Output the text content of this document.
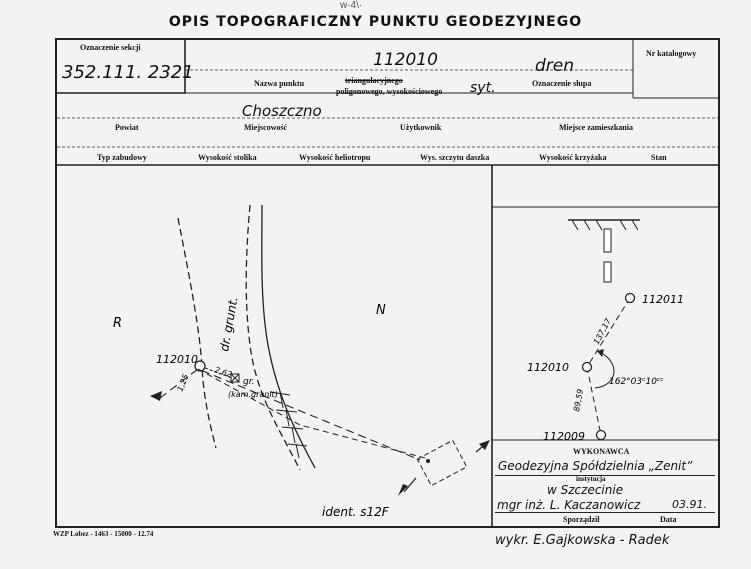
w·4\·
OPIS TOPOGRAFICZNY PUNKTU GEODEZYJNEGO
Oznaczenie sekcji
352.111. 2321
112010	dren
Nazwa punktu	triangulacyjnego
poligonowego, wysokościowego syt.	Oznaczenie słupa
Nr katalogowy
Choszczno
Powiat	Miejscowość	Użytkownik	Miejsce zamieszkania
Typ zabudowy	Wysokość stolika	Wysokość heliotropu	Wys. szczytu daszka	Wysokość krzyżaka	Stan
R
N
112010
2,62
1,25
dr. grunt.
gr.
(kam.granit)
ident. s12F
112011
112010
112009
137,17
89,59
162°03ᶜ10ᶜᶜ
WYKONAWCA
Geodezyjna Spółdzielnia „Zenit”
instytucja
w Szczecinie
mgr inż. L. Kaczanowicz	03.91.
Sporządził	Data
WZP Lobez - 1463 - 15000 - 12.74	wykr. E.Gajkowska - Radek
